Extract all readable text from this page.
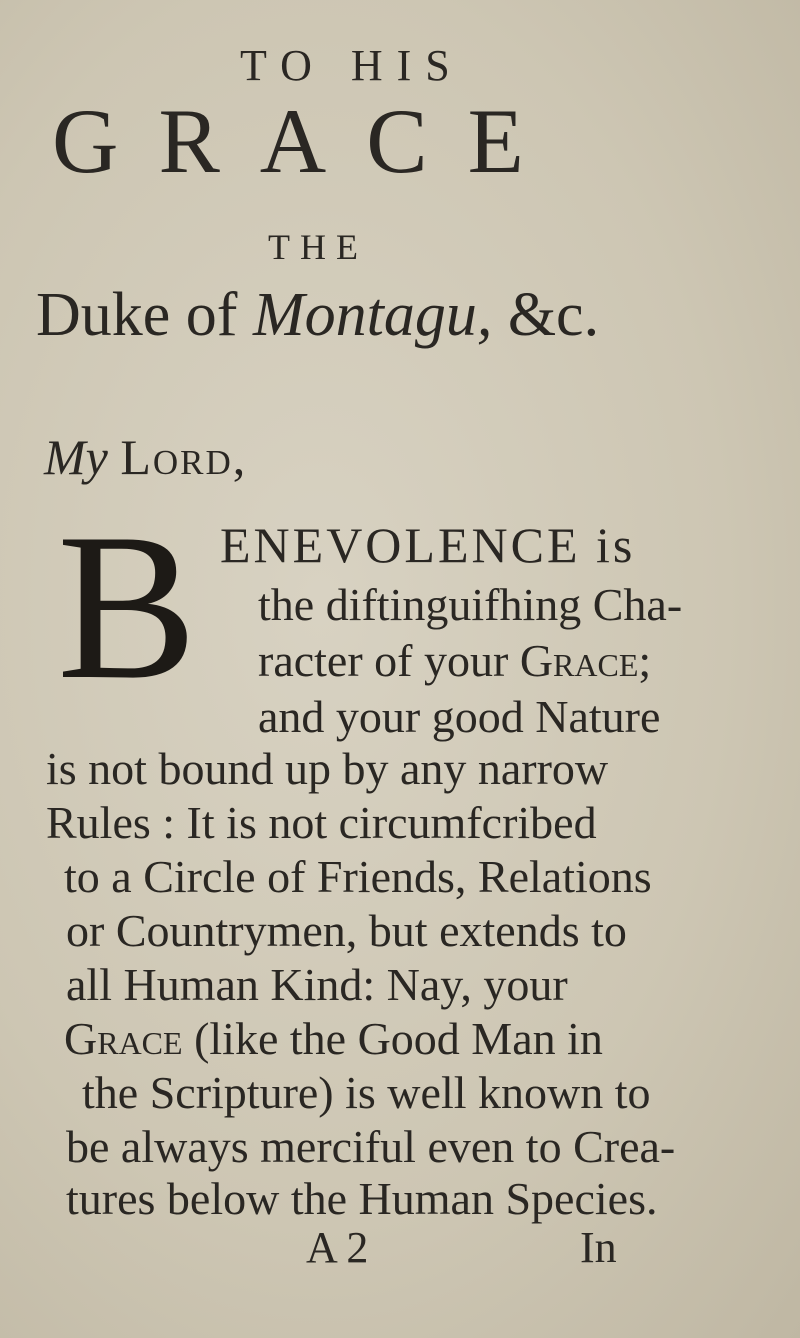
TO HIS
GRACE
THE
Duke of Montagu, &c.
My Lord,
B ENEVOLENCE is
the diftinguifhing Cha-
racter of your Grace;
and your good Nature
is not bound up by any narrow
Rules : It is not circumfcribed
to a Circle of Friends, Relations
or Countrymen, but extends to
all Human Kind: Nay, your
Grace (like the Good Man in
the Scripture) is well known to
be always merciful even to Crea-
tures below the Human Species.
A 2	In
